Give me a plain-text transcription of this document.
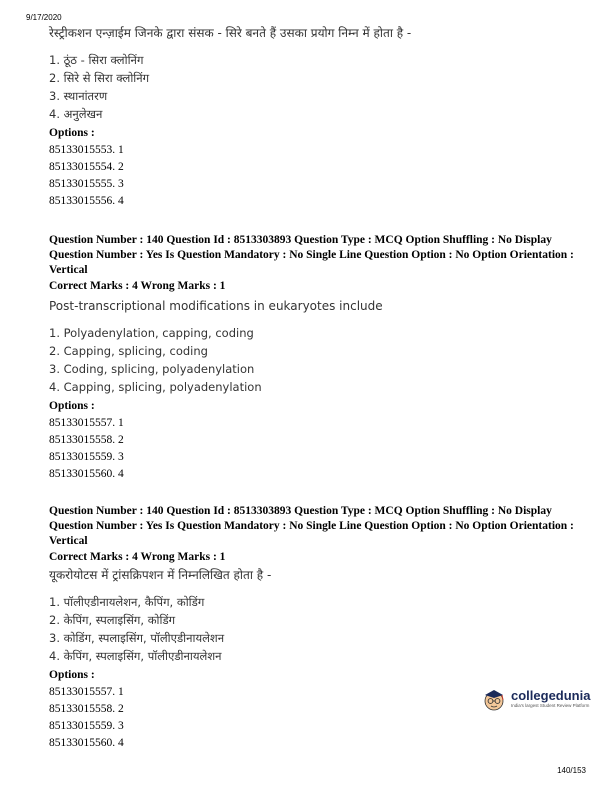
9/17/2020

रेस्ट्रीकशन एन्ज़ाईम जिनके द्वारा संसक - सिरे बनते हैं उसका प्रयोग निम्न में होता है -

1. ठूंठ - सिरा क्लोनिंग
2. सिरे से सिरा क्लोनिंग
3. स्थानांतरण
4. अनुलेखन

Options :

85133015553. 1

85133015554. 2

85133015555. 3

85133015556. 4

Question Number : 140 Question Id : 8513303893 Question Type : MCQ Option Shuffling : No Display Question Number : Yes Is Question Mandatory : No Single Line Question Option : No Option Orientation : Vertical

Correct Marks : 4 Wrong Marks : 1

Post-transcriptional modifications in eukaryotes include

1. Polyadenylation, capping, coding
2. Capping, splicing, coding
3. Coding, splicing, polyadenylation
4. Capping, splicing, polyadenylation

Options :

85133015557. 1

85133015558. 2

85133015559. 3

85133015560. 4

Question Number : 140 Question Id : 8513303893 Question Type : MCQ Option Shuffling : No Display Question Number : Yes Is Question Mandatory : No Single Line Question Option : No Option Orientation : Vertical

Correct Marks : 4 Wrong Marks : 1

यूकरोयोटस में ट्रांसक्रिपशन में निम्नलिखित होता है -

1. पॉलीएडीनायलेशन, कैपिंग, कोडिंग
2. केपिंग, स्पलाइसिंग, कोडिंग
3. कोडिंग, स्पलाइसिंग, पॉलीएडीनायलेशन
4. केपिंग, स्पलाइसिंग, पॉलीएडीनायलेशन

Options :

85133015557. 1

85133015558. 2

85133015559. 3

85133015560. 4

collegedunia
India's largest Student Review Platform
140/153
